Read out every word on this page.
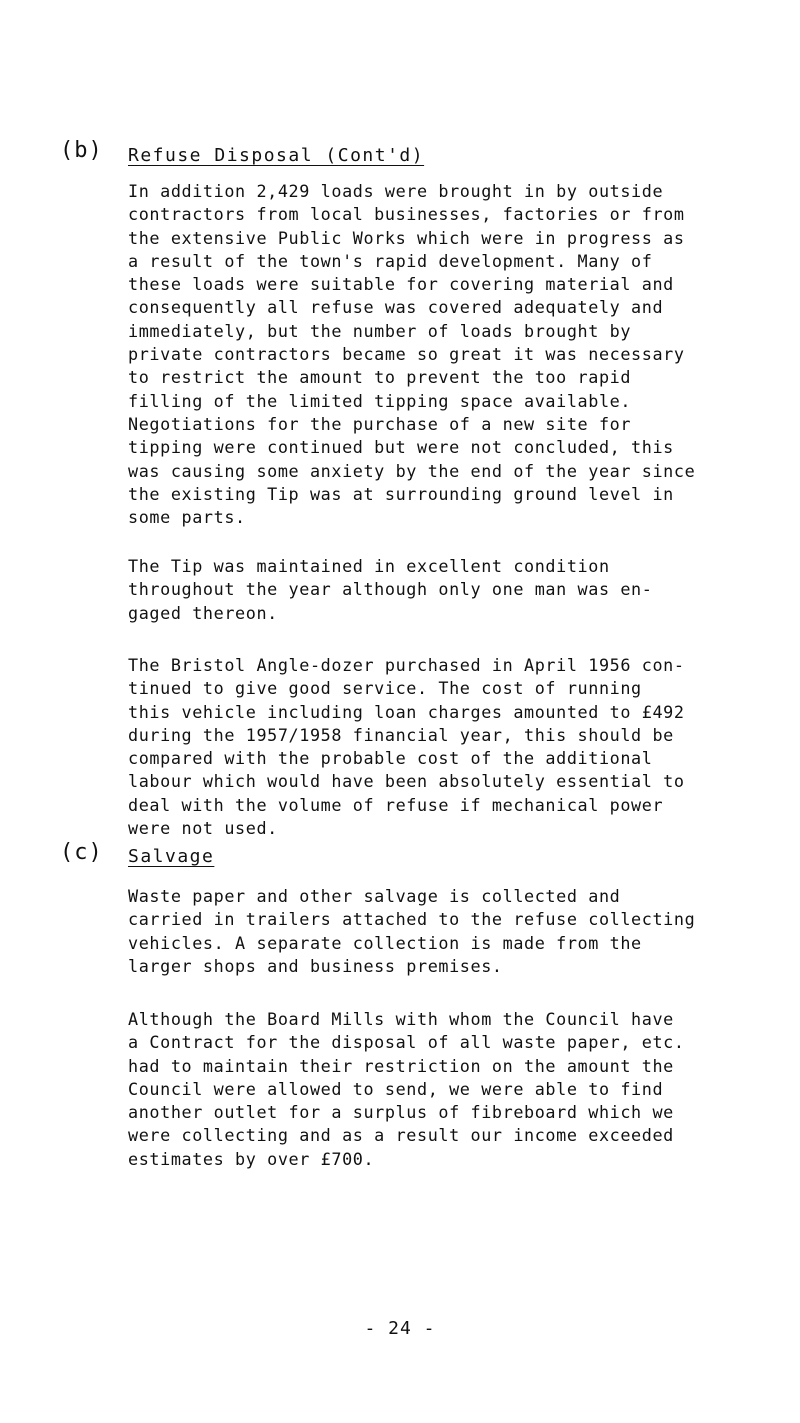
(b) Refuse Disposal (Cont'd)
In addition 2,429 loads were brought in by outside
contractors from local businesses, factories or from
the extensive Public Works which were in progress as
a result of the town's rapid development. Many of
these loads were suitable for covering material and
consequently all refuse was covered adequately and
immediately, but the number of loads brought by
private contractors became so great it was necessary
to restrict the amount to prevent the too rapid
filling of the limited tipping space available.
Negotiations for the purchase of a new site for
tipping were continued but were not concluded, this
was causing some anxiety by the end of the year since
the existing Tip was at surrounding ground level in
some parts.
The Tip was maintained in excellent condition
throughout the year although only one man was en-
gaged thereon.
The Bristol Angle-dozer purchased in April 1956 con-
tinued to give good service. The cost of running
this vehicle including loan charges amounted to £492
during the 1957/1958 financial year, this should be
compared with the probable cost of the additional
labour which would have been absolutely essential to
deal with the volume of refuse if mechanical power
were not used.
(c) Salvage
Waste paper and other salvage is collected and
carried in trailers attached to the refuse collecting
vehicles. A separate collection is made from the
larger shops and business premises.
Although the Board Mills with whom the Council have
a Contract for the disposal of all waste paper, etc.
had to maintain their restriction on the amount the
Council were allowed to send, we were able to find
another outlet for a surplus of fibreboard which we
were collecting and as a result our income exceeded
estimates by over £700.
- 24 -
